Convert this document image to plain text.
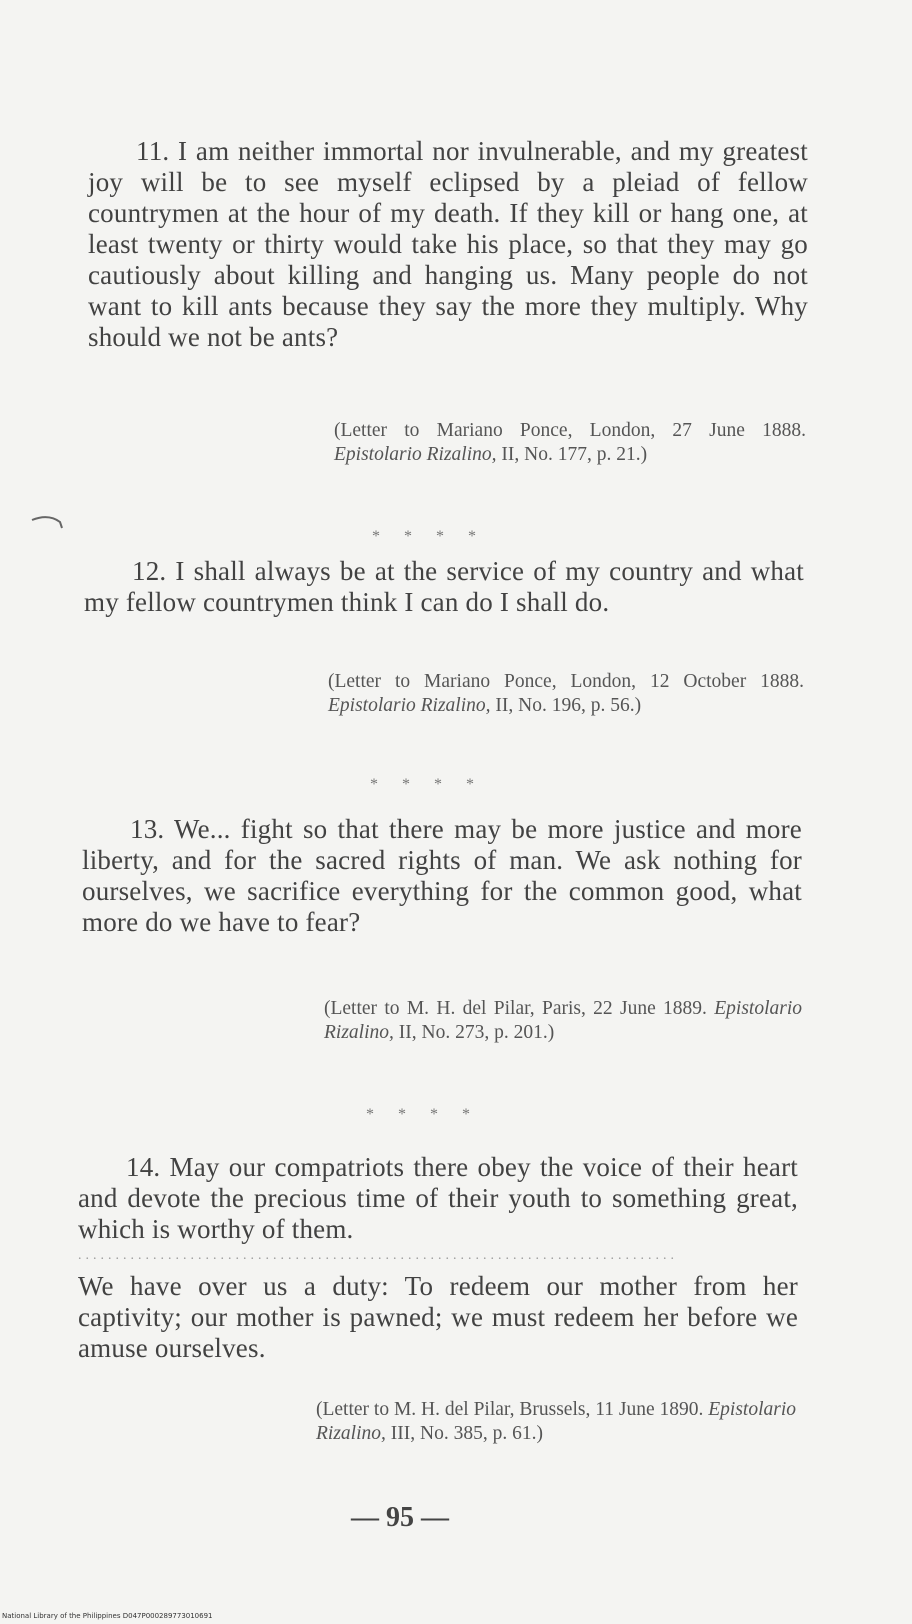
11. I am neither immortal nor invulnerable, and my greatest joy will be to see myself eclipsed by a pleiad of fellow countrymen at the hour of my death. If they kill or hang one, at least twenty or thirty would take his place, so that they may go cautiously about killing and hanging us. Many people do not want to kill ants because they say the more they multiply. Why should we not be ants?

(Letter to Mariano Ponce, London, 27 June 1888. Epistolario Rizalino, II, No. 177, p. 21.)
* * * *

12. I shall always be at the service of my country and what my fellow countrymen think I can do I shall do.

(Letter to Mariano Ponce, London, 12 October 1888. Epistolario Rizalino, II, No. 196, p. 56.)
* * * *

13. We... fight so that there may be more justice and more liberty, and for the sacred rights of man. We ask nothing for ourselves, we sacrifice everything for the common good, what more do we have to fear?

(Letter to M. H. del Pilar, Paris, 22 June 1889. Epistolario Rizalino, II, No. 273, p. 201.)
* * * *

14. May our compatriots there obey the voice of their heart and devote the precious time of their youth to something great, which is worthy of them.

................................................................................

We have over us a duty: To redeem our mother from her captivity; our mother is pawned; we must redeem her before we amuse ourselves.

(Letter to M. H. del Pilar, Brussels, 11 June 1890. Epistolario Rizalino, III, No. 385, p. 61.)
— 95 —
National Library of the Philippines D047P000289773010691
